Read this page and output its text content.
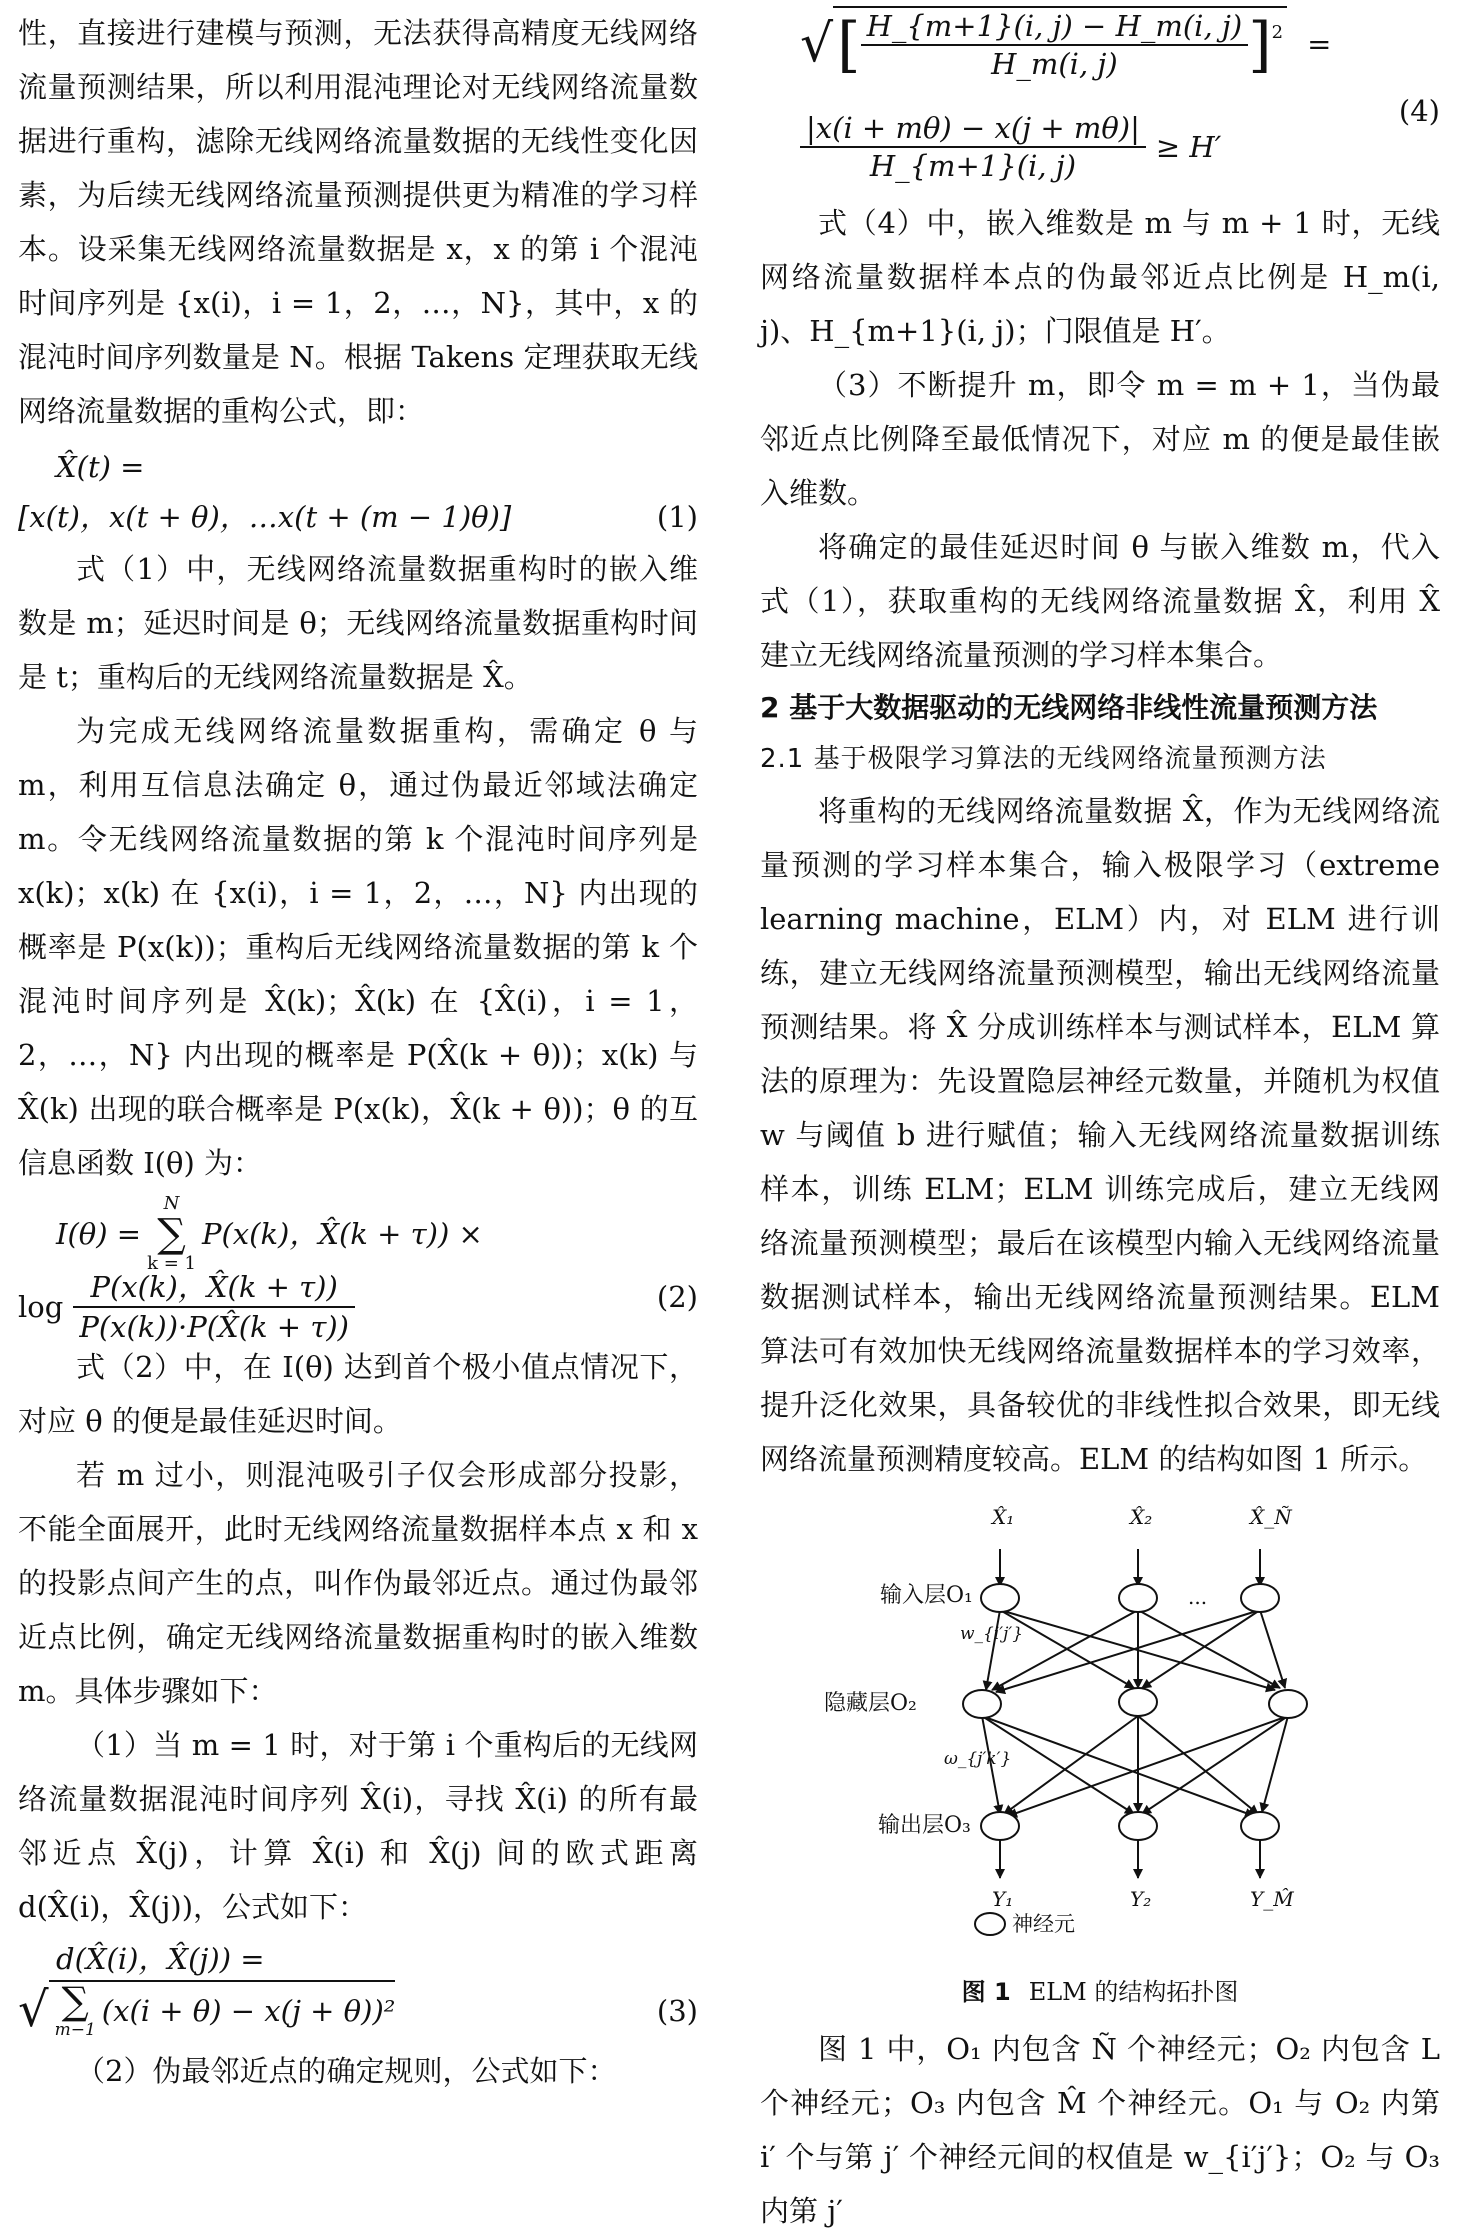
性，直接进行建模与预测，无法获得高精度无线网络流量预测结果，所以利用混沌理论对无线网络流量数据进行重构，滤除无线网络流量数据的无线性变化因素，为后续无线网络流量预测提供更为精准的学习样本。设采集无线网络流量数据是 x，x 的第 i 个混沌时间序列是 {x(i)，i = 1，2，…，N}，其中，x 的混沌时间序列数量是 N。根据 Takens 定理获取无线网络流量数据的重构公式，即：

X̂(t) =
[x(t)，x(t + θ)，…x(t + (m − 1)θ)]	(1)

式（1）中，无线网络流量数据重构时的嵌入维数是 m；延迟时间是 θ；无线网络流量数据重构时间是 t；重构后的无线网络流量数据是 X̂。

为完成无线网络流量数据重构，需确定 θ 与 m，利用互信息法确定 θ，通过伪最近邻域法确定 m。令无线网络流量数据的第 k 个混沌时间序列是 x(k)；x(k) 在 {x(i)，i = 1，2，…，N} 内出现的概率是 P(x(k))；重构后无线网络流量数据的第 k 个混沌时间序列是 X̂(k)；X̂(k) 在 {X̂(i)，i = 1，2，…，N} 内出现的概率是 P(X̂(k + θ))；x(k) 与 X̂(k) 出现的联合概率是 P(x(k)，X̂(k + θ))；θ 的互信息函数 I(θ) 为：

I(θ) =
N
∑
k = 1
P(x(k)，X̂(k + τ)) ×
$\log \frac{P(x(k),X̂(k + \tau))}{P(x(k))\cdot P(X̂(k + \tau))}$	(2)

式（2）中，在 I(θ) 达到首个极小值点情况下，对应 θ 的便是最佳延迟时间。

若 m 过小，则混沌吸引子仅会形成部分投影，不能全面展开，此时无线网络流量数据样本点 x 和 x 的投影点间产生的点，叫作伪最邻近点。通过伪最邻近点比例，确定无线网络流量数据重构时的嵌入维数 m。具体步骤如下：

（1）当 m = 1 时，对于第 i 个重构后的无线网络流量数据混沌时间序列 X̂(i)，寻找 X̂(i) 的所有最邻近点 X̂(j)，计算 X̂(i) 和 X̂(j) 间的欧式距离 d(X̂(i)，X̂(j))，公式如下：

d(X̂(i)，X̂(j)) =
√ ∑
m−1
(x(i + θ) − x(j + θ))²	(3)

（2）伪最邻近点的确定规则，公式如下：

√ [ $\frac{H\_\{m+1\}(i, j) - H\_m(i, j)}{H\_m(i, j)}$ ] 2 =
$\frac{|x(i + m\theta) - x(j + m\theta)|}{H\_\{m+1\}(i, j)} \ge H'$
(4)

式（4）中，嵌入维数是 m 与 m + 1 时，无线网络流量数据样本点的伪最邻近点比例是 H_m(i, j)、H_{m+1}(i, j)；门限值是 H′。

（3）不断提升 m，即令 m = m + 1，当伪最邻近点比例降至最低情况下，对应 m 的便是最佳嵌入维数。

将确定的最佳延迟时间 θ 与嵌入维数 m，代入式（1），获取重构的无线网络流量数据 X̂，利用 X̂ 建立无线网络流量预测的学习样本集合。

2 基于大数据驱动的无线网络非线性流量预测方法
2.1 基于极限学习算法的无线网络流量预测方法

将重构的无线网络流量数据 X̂，作为无线网络流量预测的学习样本集合，输入极限学习（extreme learning machine，ELM）内，对 ELM 进行训练，建立无线网络流量预测模型，输出无线网络流量预测结果。将 X̂ 分成训练样本与测试样本，ELM 算法的原理为：先设置隐层神经元数量，并随机为权值 w 与阈值 b 进行赋值；输入无线网络流量数据训练样本，训练 ELM；ELM 训练完成后，建立无线网络流量预测模型；最后在该模型内输入无线网络流量数据测试样本，输出无线网络流量预测结果。ELM 算法可有效加快无线网络流量数据样本的学习效率，提升泛化效果，具备较优的非线性拟合效果，即无线网络流量预测精度较高。ELM 的结构如图 1 所示。

X̂₁	X̂₂	X̂_Ñ
...
输入层O₁
w_{i′j′}
隐藏层O₂
ω_{j′k′}
输出层O₃
Y₁	Y₂	Y_M̂
神经元
图 1 ELM 的结构拓扑图

图 1 中，O₁ 内包含 Ñ 个神经元；O₂ 内包含 L 个神经元；O₃ 内包含 M̂ 个神经元。O₁ 与 O₂ 内第 i′ 个与第 j′ 个神经元间的权值是 w_{i′j′}；O₂ 与 O₃ 内第 j′
